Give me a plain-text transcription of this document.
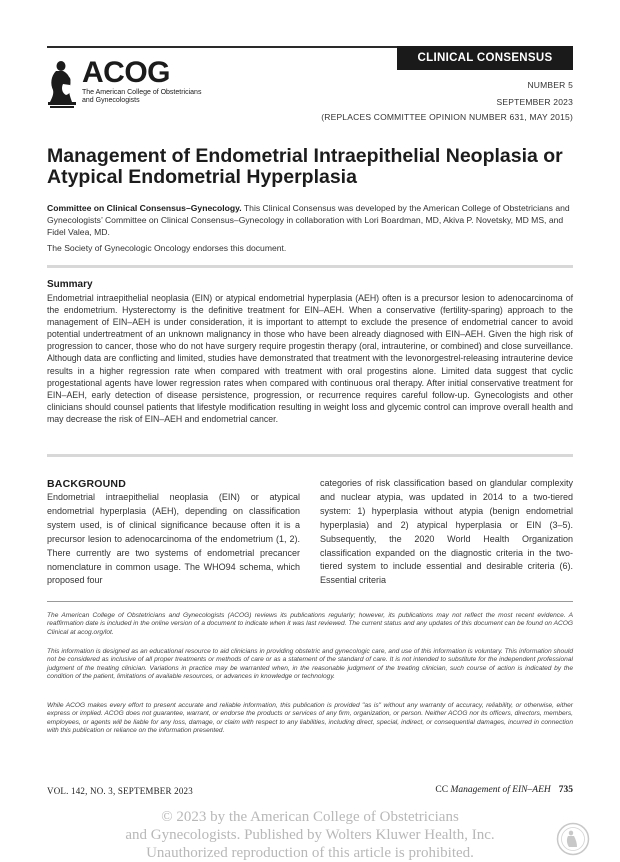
CLINICAL CONSENSUS
ACOG
The American College of Obstetricians and Gynecologists
NUMBER 5
SEPTEMBER 2023
(REPLACES COMMITTEE OPINION NUMBER 631, MAY 2015)
Management of Endometrial Intraepithelial Neoplasia or Atypical Endometrial Hyperplasia
Committee on Clinical Consensus–Gynecology. This Clinical Consensus was developed by the American College of Obstetricians and Gynecologists’ Committee on Clinical Consensus–Gynecology in collaboration with Lori Boardman, MD, Akiva P. Novetsky, MD MS, and Fidel Valea, MD.
The Society of Gynecologic Oncology endorses this document.
Summary
Endometrial intraepithelial neoplasia (EIN) or atypical endometrial hyperplasia (AEH) often is a precursor lesion to adenocarcinoma of the endometrium. Hysterectomy is the definitive treatment for EIN–AEH. When a conservative (fertility-sparing) approach to the management of EIN–AEH is under consideration, it is important to attempt to exclude the presence of endometrial cancer to avoid potential undertreatment of an unknown malignancy in those who have been already diagnosed with EIN–AEH. Given the high risk of progression to cancer, those who do not have surgery require progestin therapy (oral, intrauterine, or combined) and close surveillance. Although data are conflicting and limited, studies have demonstrated that treatment with the levonorgestrel-releasing intrauterine device results in a higher regression rate when compared with treatment with oral progestins alone. Limited data suggest that cyclic progestational agents have lower regression rates when compared with continuous oral therapy. After initial conservative treatment for EIN–AEH, early detection of disease persistence, progression, or recurrence requires careful follow-up. Gynecologists and other clinicians should counsel patients that lifestyle modification resulting in weight loss and glycemic control can improve overall health and may decrease the risk of EIN–AEH and endometrial cancer.
BACKGROUND
Endometrial intraepithelial neoplasia (EIN) or atypical endometrial hyperplasia (AEH), depending on classification system used, is of clinical significance because often it is a precursor lesion to adenocarcinoma of the endometrium (1, 2). There currently are two systems of endometrial precancer nomenclature in common usage. The WHO94 schema, which proposed four
categories of risk classification based on glandular complexity and nuclear atypia, was updated in 2014 to a two-tiered system: 1) hyperplasia without atypia (benign endometrial hyperplasia) and 2) atypical hyperplasia or EIN (3–5). Subsequently, the 2020 World Health Organization classification expanded on the diagnostic criteria in the two-tiered system to include essential and desirable criteria (6). Essential criteria
The American College of Obstetricians and Gynecologists (ACOG) reviews its publications regularly; however, its publications may not reflect the most recent evidence. A reaffirmation date is included in the online version of a document to indicate when it was last reviewed. The current status and any updates of this document can be found on ACOG Clinical at acog.org/lot.
This information is designed as an educational resource to aid clinicians in providing obstetric and gynecologic care, and use of this information is voluntary. This information should not be considered as inclusive of all proper treatments or methods of care or as a statement of the standard of care. It is not intended to substitute for the independent professional judgment of the treating clinician. Variations in practice may be warranted when, in the reasonable judgment of the treating clinician, such course of action is indicated by the condition of the patient, limitations of available resources, or advances in knowledge or technology.
While ACOG makes every effort to present accurate and reliable information, this publication is provided "as is" without any warranty of accuracy, reliability, or otherwise, either express or implied. ACOG does not guarantee, warrant, or endorse the products or services of any firm, organization, or person. Neither ACOG nor its officers, directors, members, employees, or agents will be liable for any loss, damage, or claim with respect to any liabilities, including direct, special, indirect, or consequential damages, incurred in connection with this publication or reliance on the information presented.
VOL. 142, NO. 3, SEPTEMBER 2023	CC Management of EIN–AEH 735
© 2023 by the American College of Obstetricians
and Gynecologists. Published by Wolters Kluwer Health, Inc.
Unauthorized reproduction of this article is prohibited.
